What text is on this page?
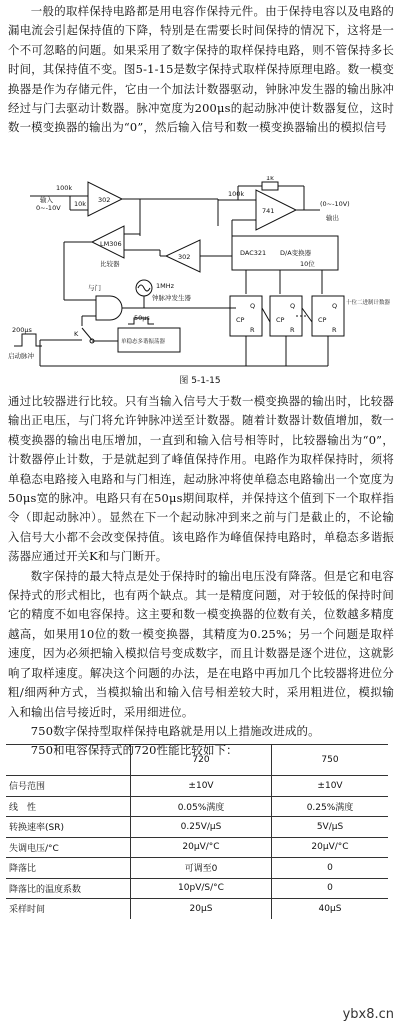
一般的取样保持电路都是用电容作保持元件。由于保持电容以及电路的漏电流会引起保持值的下降，特别是在需要长时间保持的情况下，这将是一个不可忽略的问题。如果采用了数字保持的取样保持电路，则不管保持多长时间，其保持值不变。图5-1-15是数字保持式取样保持原理电路。数一模变换器是作为存储元件，它由一个加法计数器驱动，钟脉冲发生器的输出脉冲经过与门去驱动计数器。脉冲宽度为200μs的起动脉冲使计数器复位，这时数一模变换器的输出为“0”，然后输入信号和数一模变换器输出的模拟信号

100k
输入
0~-10V 10k 302
1k
100k
741
(0~-10V)
输出
LM306
比较器
302	DAC321 D/A变换器
10位
1MHz
钟脉冲发生器
与门
K
50μs
单稳态多谐振荡器
200μs
启动脉冲
十位二进制计数器
CP
Q
R
CP
Q
R
CP
Q
R
图 5-1-15

通过比较器进行比较。只有当输入信号大于数一模变换器的输出时，比较器输出正电压，与门将允许钟脉冲送至计数器。随着计数器计数值增加，数一模变换器的输出电压增加，一直到和输入信号相等时，比较器输出为“0”，计数器停止计数，于是就起到了峰值保持作用。电路作为取样保持时，须将单稳态电路接入电路和与门相连，起动脉冲将使单稳态电路输出一个宽度为50μs宽的脉冲。电路只有在50μs期间取样，并保持这个值到下一个取样指令（即起动脉冲）。显然在下一个起动脉冲到来之前与门是截止的，不论输入信号大小都不会改变保持值。该电路作为峰值保持电路时，单稳态多谐振荡器应通过开关K和与门断开。

数字保持的最大特点是处于保持时的输出电压没有降落。但是它和电容保持式的形式相比，也有两个缺点。其一是精度问题，对于较低的保持时间它的精度不如电容保持。这主要和数一模变换器的位数有关，位数越多精度越高，如果用10位的数一模变换器，其精度为0.25%；另一个问题是取样速度，因为必须把输入模拟信号变成数字，而且计数器是逐个进位，这就影响了取样速度。解决这个问题的办法，是在电路中再加几个比较器将进位分粗/细两种方式，当模拟输出和输入信号相差较大时，采用粗进位，模拟输入和输出信号接近时，采用细进位。

750数字保持型取样保持电路就是用以上措施改进成的。

750和电容保持式的720性能比较如下：

	720	750
信号范围	±10V	±10V
线　性	0.05%满度	0.25%满度
转换速率(SR)	0.25V/μS	5V/μS
失调电压/°C	20μV/°C	20μV/°C
降落比	可调至0	0
降落比的温度系数	10pV/S/°C	0
采样时间	20μS	40μS
ybx8.cn
